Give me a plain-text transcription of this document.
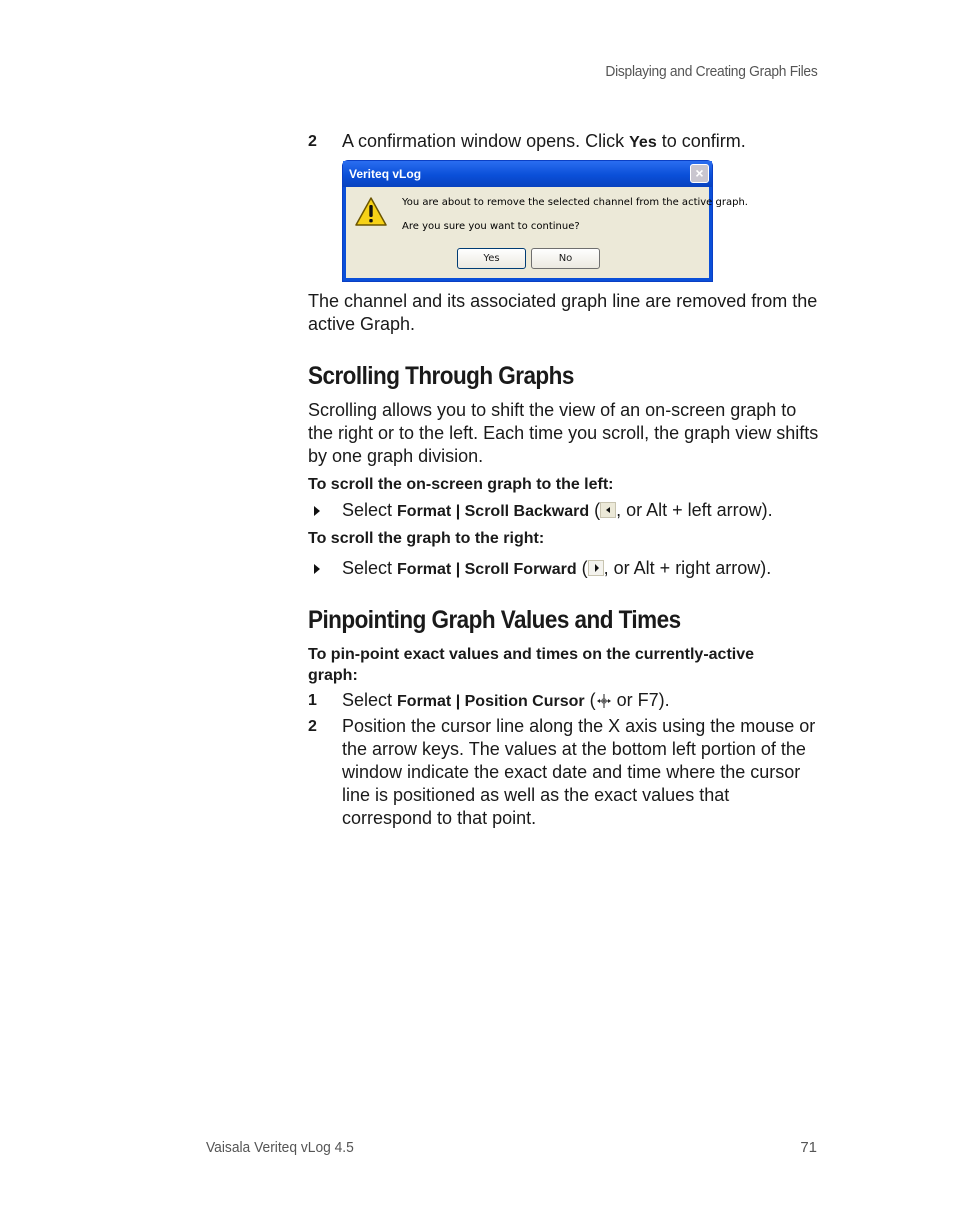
Displaying and Creating Graph Files
2 A confirmation window opens. Click Yes to confirm.
Veriteq vLog	×
You are about to remove the selected channel from the active graph.
Are you sure you want to continue?
Yes	No
The channel and its associated graph line are removed from the active Graph.
Scrolling Through Graphs
Scrolling allows you to shift the view of an on-screen graph to the right or to the left. Each time you scroll, the graph view shifts by one graph division.
To scroll the on-screen graph to the left:
Select Format | Scroll Backward ( , or Alt + left arrow).
To scroll the graph to the right:
Select Format | Scroll Forward ( , or Alt + right arrow).
Pinpointing Graph Values and Times
To pin-point exact values and times on the currently-active graph:
1 Select Format | Position Cursor ( or F7).
2 Position the cursor line along the X axis using the mouse or the arrow keys. The values at the bottom left portion of the window indicate the exact date and time where the cursor line is positioned as well as the exact values that correspond to that point.
Vaisala Veriteq vLog 4.5	71
